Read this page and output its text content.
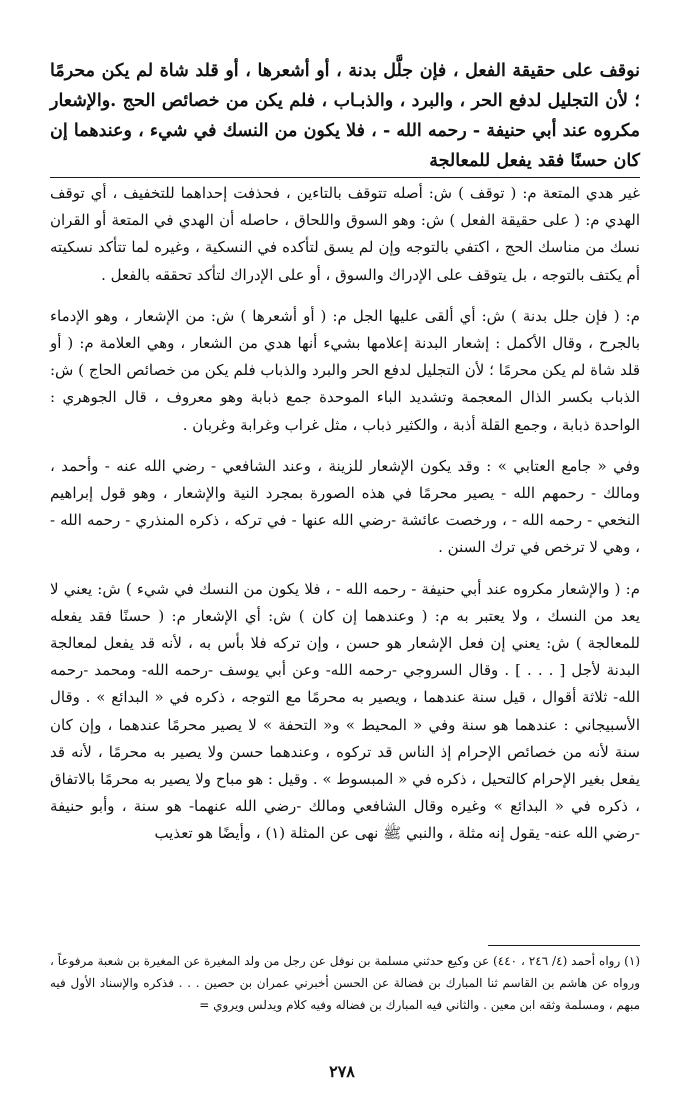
نوقف على حقيقة الفعل ، فإن جلَّل بدنة ، أو أشعرها ، أو قلد شاة لم يكن محرمًا ؛ لأن التجليل لدفع الحر ، والبرد ، والذبـاب ، فلم يكن من خصائص الحج .والإشعار مكروه عند أبي حنيفة - رحمه الله - ، فلا يكون من النسك في شيء ، وعندهما إن كان حسنًا فقد يفعل للمعالجة

غير هدي المتعة م: ( توقف ) ش: أصله تتوقف بالتاءين ، فحذفت إحداهما للتخفيف ، أي توقف الهدي م: ( على حقيقة الفعل ) ش: وهو السوق واللحاق ، حاصله أن الهدي في المتعة أو القران نسك من مناسك الحج ، اكتفي بالتوجه وإن لم يسق لتأكده في النسكية ، وغيره لما تتأكد نسكيته أم يكتف بالتوجه ، بل يتوقف على الإدراك والسوق ، أو على الإدراك لتأكد تحققه بالفعل .

م: ( فإن جلل بدنة ) ش: أي ألقى عليها الجل م: ( أو أشعرها ) ش: من الإشعار ، وهو الإدماء بالجرح ، وقال الأكمل : إشعار البدنة إعلامها بشيء أنها هدي من الشعار ، وهي العلامة م: ( أو قلد شاة لم يكن محرمًا ؛ لأن التجليل لدفع الحر والبرد والذباب فلم يكن من خصائص الحاج ) ش: الذباب بكسر الذال المعجمة وتشديد الباء الموحدة جمع ذبابة وهو معروف ، قال الجوهري : الواحدة ذبابة ، وجمع القلة أذبة ، والكثير ذباب ، مثل غراب وغرابة وغربان .

وفي « جامع العتابي » : وقد يكون الإشعار للزينة ، وعند الشافعي - رضي الله عنه - وأحمد ، ومالك - رحمهم الله - يصير محرمًا في هذه الصورة بمجرد النية والإشعار ، وهو قول إبراهيم النخعي - رحمه الله - ، ورخصت عائشة -رضي الله عنها - في تركه ، ذكره المنذري - رحمه الله - ، وهي لا ترخص في ترك السنن .

م: ( والإشعار مكروه عند أبي حنيفة - رحمه الله - ، فلا يكون من النسك في شيء ) ش: يعني لا يعد من النسك ، ولا يعتبر به م: ( وعندهما إن كان ) ش: أي الإشعار م: ( حسنًا فقد يفعله للمعالجة ) ش: يعني إن فعل الإشعار هو حسن ، وإن تركه فلا بأس به ، لأنه قد يفعل لمعالجة البدنة لأجل [ . . . ] . وقال السروجي -رحمه الله- وعن أبي يوسف -رحمه الله- ومحمد -رحمه الله- ثلاثة أقوال ، قيل سنة عندهما ، ويصير به محرمًا مع التوجه ، ذكره في « البدائع » . وقال الأسبيجاني : عندهما هو سنة وفي « المحيط » و« التحفة » لا يصير محرمًا عندهما ، وإن كان سنة لأنه من خصائص الإحرام إذ الناس قد تركوه ، وعندهما حسن ولا يصير به محرمًا ، لأنه قد يفعل بغير الإحرام كالتحيل ، ذكره في « المبسوط » . وقيل : هو مباح ولا يصير به محرمًا بالاتفاق ، ذكره في « البدائع » وغيره وقال الشافعي ومالك -رضي الله عنهما- هو سنة ، وأبو حنيفة -رضي الله عنه- يقول إنه مثلة ، والنبي ﷺ نهى عن المثلة (١) ، وأيضًا هو تعذيب

(١) رواه أحمد (٤/ ٢٤٦ ، ٤٤٠) عن وكيع حدثني مسلمة بن نوفل عن رجل من ولد المغيرة عن المغيرة بن شعبة مرفوعاً ، ورواه عن هاشم بن القاسم ثنا المبارك بن فضالة عن الحسن أخبرني عمران بن حصين . . . فذكره والإسناد الأول فيه مبهم ، ومسلمة وثقه ابن معين . والثاني فيه المبارك بن فضاله وفيه كلام ويدلس ويروي =

٢٧٨
